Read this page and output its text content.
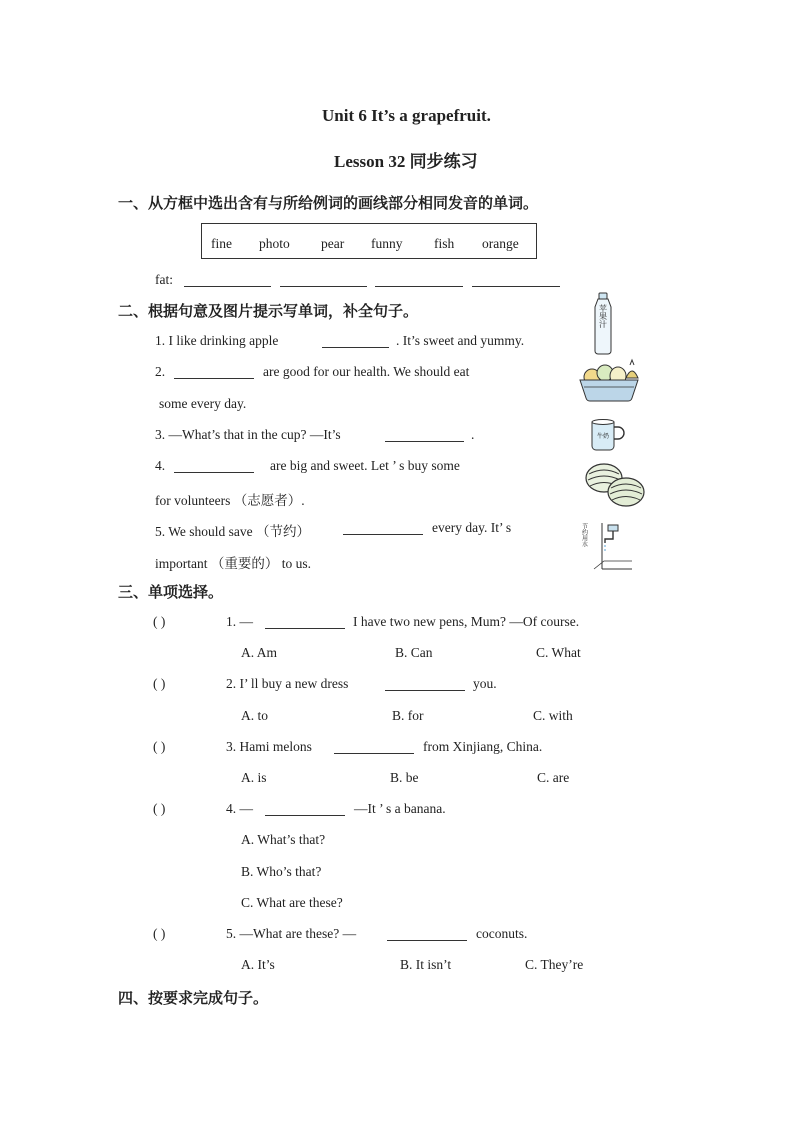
Unit 6 It’s a grapefruit.
Lesson 32 同步练习
一、从方框中选出含有与所给例词的画线部分相同发音的单词。
fine photo pear funny fish orange
fat:
二、根据句意及图片提示写单词，补全句子。
1. I like drinking apple	. It’s sweet and yummy.
2.	are good for our health. We should eat
some every day.
3. —What’s that in the cup? —It’s	.
4.	are big and sweet. Let ’ s buy some
for volunteers （志愿者）.
5. We should save （节约）	every day. It’ s
important （重要的） to us.
苹果汁
牛奶
节约用水
三、单项选择。
( )	1. —	I have two new pens, Mum? —Of course.
A. Am	B. Can	C. What
( )	2. I’ ll buy a new dress	you.
A. to	B. for	C. with
( )	3. Hami melons	from Xinjiang, China.
A. is	B. be	C. are
( )	4. —	—It ’ s a banana.
A. What’s that?
B. Who’s that?
C. What are these?
( )	5. —What are these? —	coconuts.
A. It’s	B. It isn’t	C. They’re
四、按要求完成句子。
